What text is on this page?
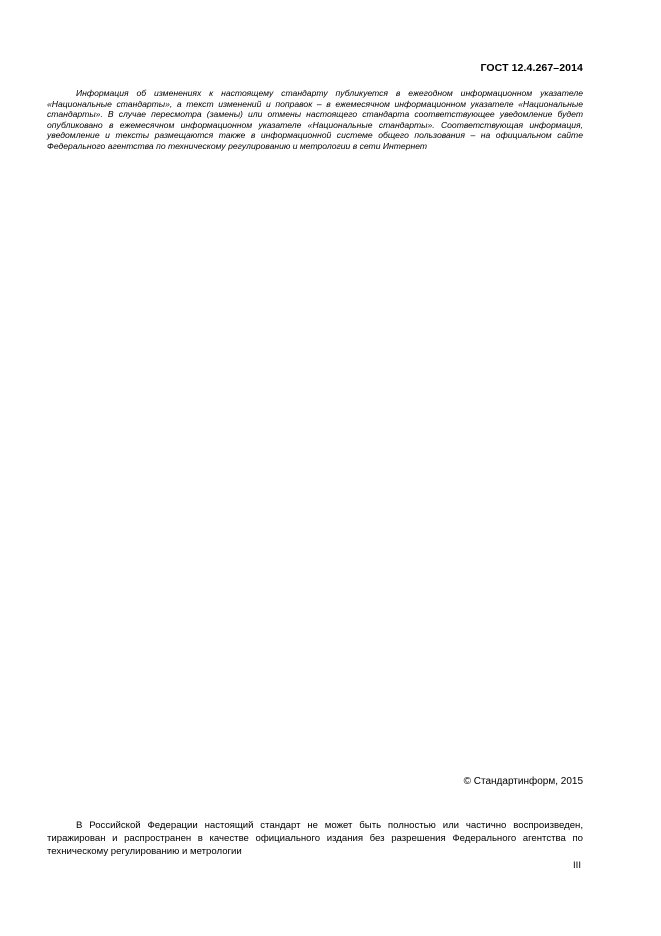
ГОСТ 12.4.267–2014

Информация об изменениях к настоящему стандарту публикуется в ежегодном информационном указателе «Национальные стандарты», а текст изменений и поправок – в ежемесячном информационном указателе «Национальные стандарты». В случае пересмотра (замены) или отмены настоящего стандарта соответствующее уведомление будет опубликовано в ежемесячном информационном указателе «Национальные стандарты». Соответствующая информация, уведомление и тексты размещаются также в информационной системе общего пользования – на официальном сайте Федерального агентства по техническому регулированию и метрологии в сети Интернет

© Стандартинформ, 2015

В Российской Федерации настоящий стандарт не может быть полностью или частично воспроизведен, тиражирован и распространен в качестве официального издания без разрешения Федерального агентства по техническому регулированию и метрологии

III
